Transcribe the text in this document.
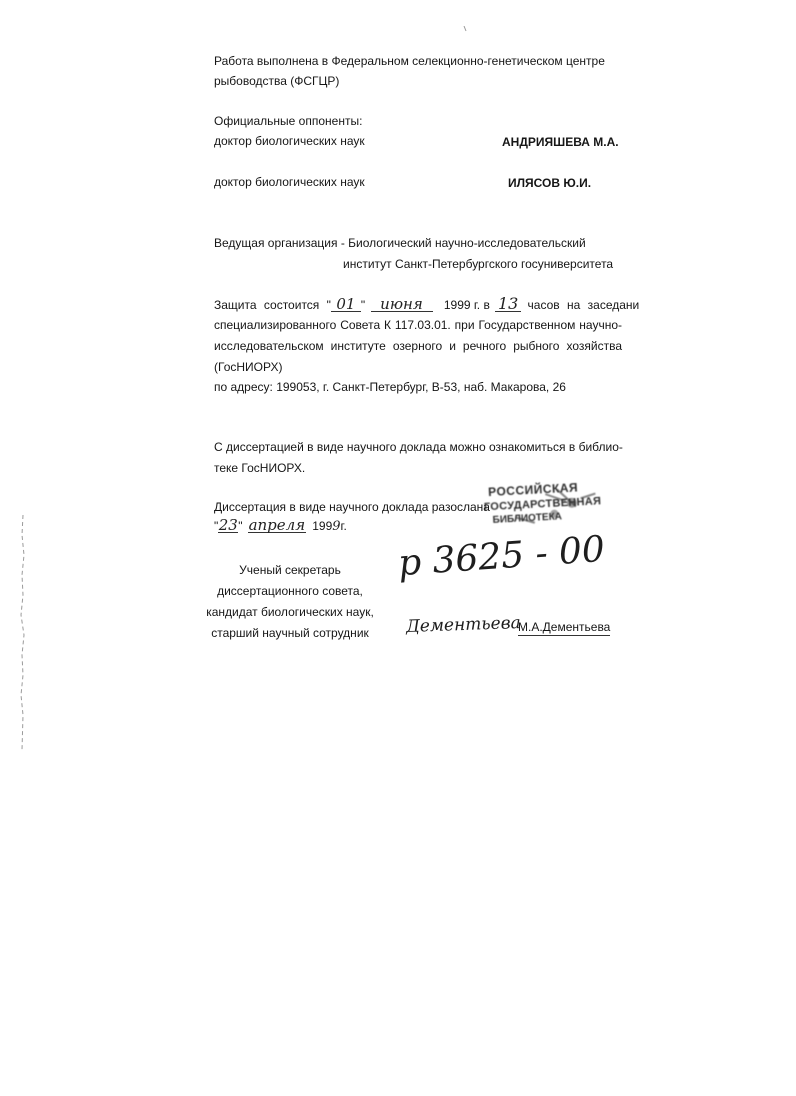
Работа выполнена в Федеральном селекционно-генетическом центре
рыбоводства (ФСГЦР)
Официальные оппоненты:
доктор биологических наук	АНДРИЯШЕВА М.А.
доктор биологических наук	ИЛЯСОВ Ю.И.
Ведущая организация - Биологический научно-исследовательский
институт Санкт-Петербургского госуниверситета
Защита состоится " 01 " июня 1999 г. в 13 часов на заседани
специализированного Совета К 117.03.01. при Государственном научно-
исследовательском институте озерного и речного рыбного хозяйства
(ГосНИОРХ)
по адресу: 199053, г. Санкт-Петербург, В-53, наб. Макарова, 26
С диссертацией в виде научного доклада можно ознакомиться в библио-
теке ГосНИОРХ.
Диссертация в виде научного доклада разослана
"23" апреля 1999г.
РОССИЙСКАЯ
ГОСУДАРСТВЕННАЯ
БИБЛИОТЕКА
р 3625 - 00
Ученый секретарь
диссертационного совета,
кандидат биологических наук,
старший научный сотрудник	Дементьева
М.А.Дементьева
